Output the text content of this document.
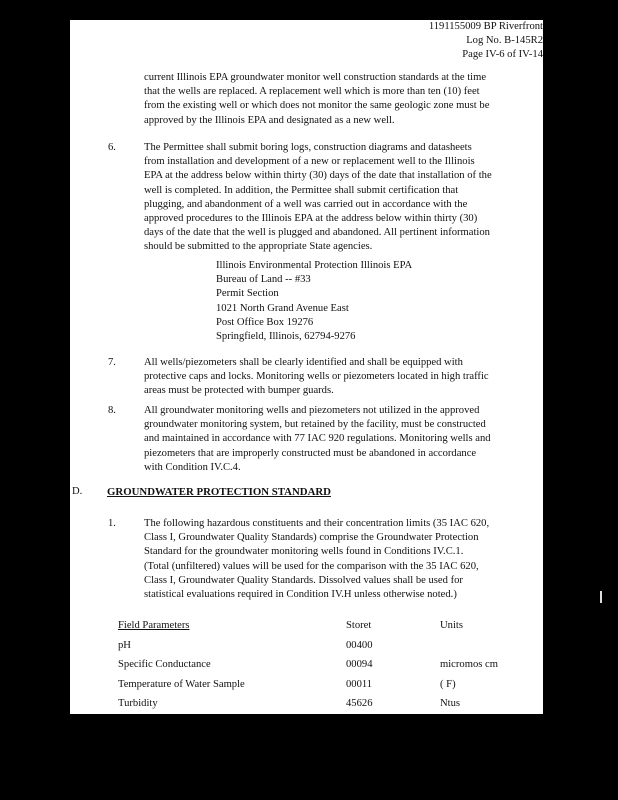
1191155009 BP Riverfront
Log No. B-145R2
Page IV-6 of IV-14
current Illinois EPA groundwater monitor well construction standards at the time
that the wells are replaced. A replacement well which is more than ten (10) feet
from the existing well or which does not monitor the same geologic zone must be
approved by the Illinois EPA and designated as a new well.
6.	The Permittee shall submit boring logs, construction diagrams and datasheets
from installation and development of a new or replacement well to the Illinois
EPA at the address below within thirty (30) days of the date that installation of the
well is completed. In addition, the Permittee shall submit certification that
plugging, and abandonment of a well was carried out in accordance with the
approved procedures to the Illinois EPA at the address below within thirty (30)
days of the date that the well is plugged and abandoned. All pertinent information
should be submitted to the appropriate State agencies.
Illinois Environmental Protection Illinois EPA
Bureau of Land -- #33
Permit Section
1021 North Grand Avenue East
Post Office Box 19276
Springfield, Illinois, 62794-9276
7.	All wells/piezometers shall be clearly identified and shall be equipped with
protective caps and locks. Monitoring wells or piezometers located in high traffic
areas must be protected with bumper guards.
8.	All groundwater monitoring wells and piezometers not utilized in the approved
groundwater monitoring system, but retained by the facility, must be constructed
and maintained in accordance with 77 IAC 920 regulations. Monitoring wells and
piezometers that are improperly constructed must be abandoned in accordance
with Condition IV.C.4.
D. GROUNDWATER PROTECTION STANDARD
1.	The following hazardous constituents and their concentration limits (35 IAC 620,
Class I, Groundwater Quality Standards) comprise the Groundwater Protection
Standard for the groundwater monitoring wells found in Conditions IV.C.1.
(Total (unfiltered) values will be used for the comparison with the 35 IAC 620,
Class I, Groundwater Quality Standards. Dissolved values shall be used for
statistical evaluations required in Condition IV.H unless otherwise noted.)
Field Parameters	Storet	Units
pH	00400
Specific Conductance	00094	micromos cm
Temperature of Water Sample	00011	( F)
Turbidity	45626	Ntus
